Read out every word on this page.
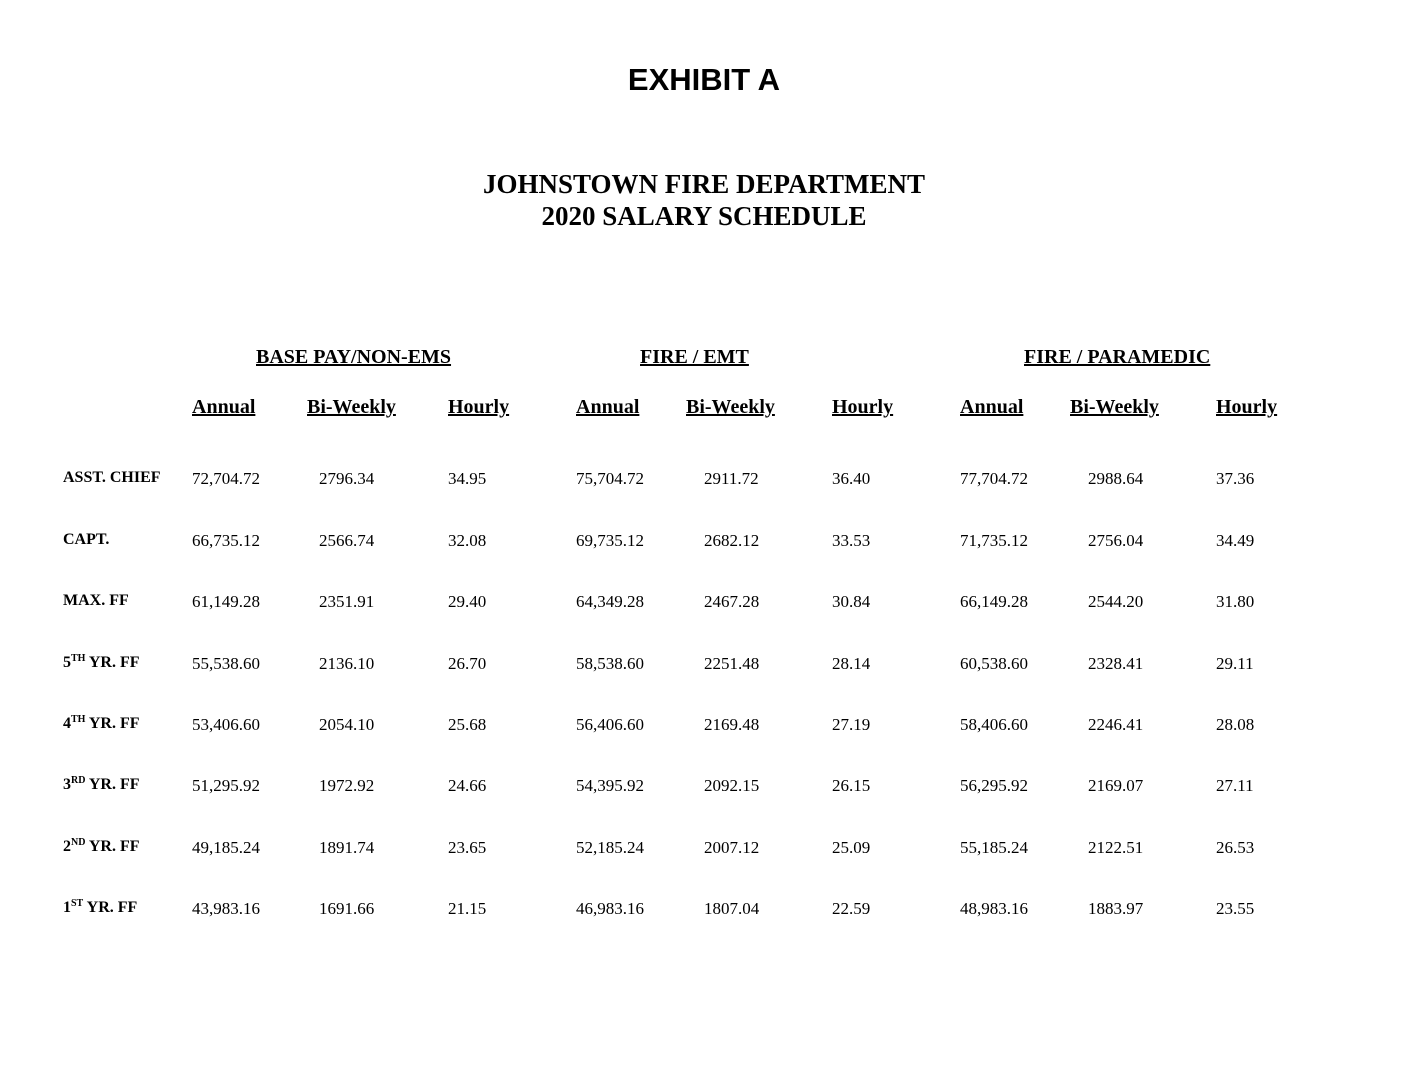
EXHIBIT A
JOHNSTOWN FIRE DEPARTMENT
2020 SALARY SCHEDULE
BASE PAY/NON-EMS	FIRE / EMT	FIRE / PARAMEDIC
Annual	Bi-Weekly	Hourly	Annual Bi-Weekly	Hourly	Annual Bi-Weekly	Hourly
ASST. CHIEF 72,704.72	2796.34	34.95	75,704.72	2911.72	36.40	77,704.72	2988.64	37.36
CAPT.	66,735.12	2566.74	32.08	69,735.12	2682.12	33.53	71,735.12	2756.04	34.49
MAX. FF	61,149.28	2351.91	29.40	64,349.28	2467.28	30.84	66,149.28	2544.20	31.80
5TH YR. FF	55,538.60	2136.10	26.70	58,538.60	2251.48	28.14	60,538.60	2328.41	29.11
4TH YR. FF	53,406.60	2054.10	25.68	56,406.60	2169.48	27.19	58,406.60	2246.41	28.08
3RD YR. FF	51,295.92	1972.92	24.66	54,395.92	2092.15	26.15	56,295.92	2169.07	27.11
2ND YR. FF	49,185.24	1891.74	23.65	52,185.24	2007.12	25.09	55,185.24	2122.51	26.53
1ST YR. FF	43,983.16	1691.66	21.15	46,983.16	1807.04	22.59	48,983.16	1883.97	23.55
